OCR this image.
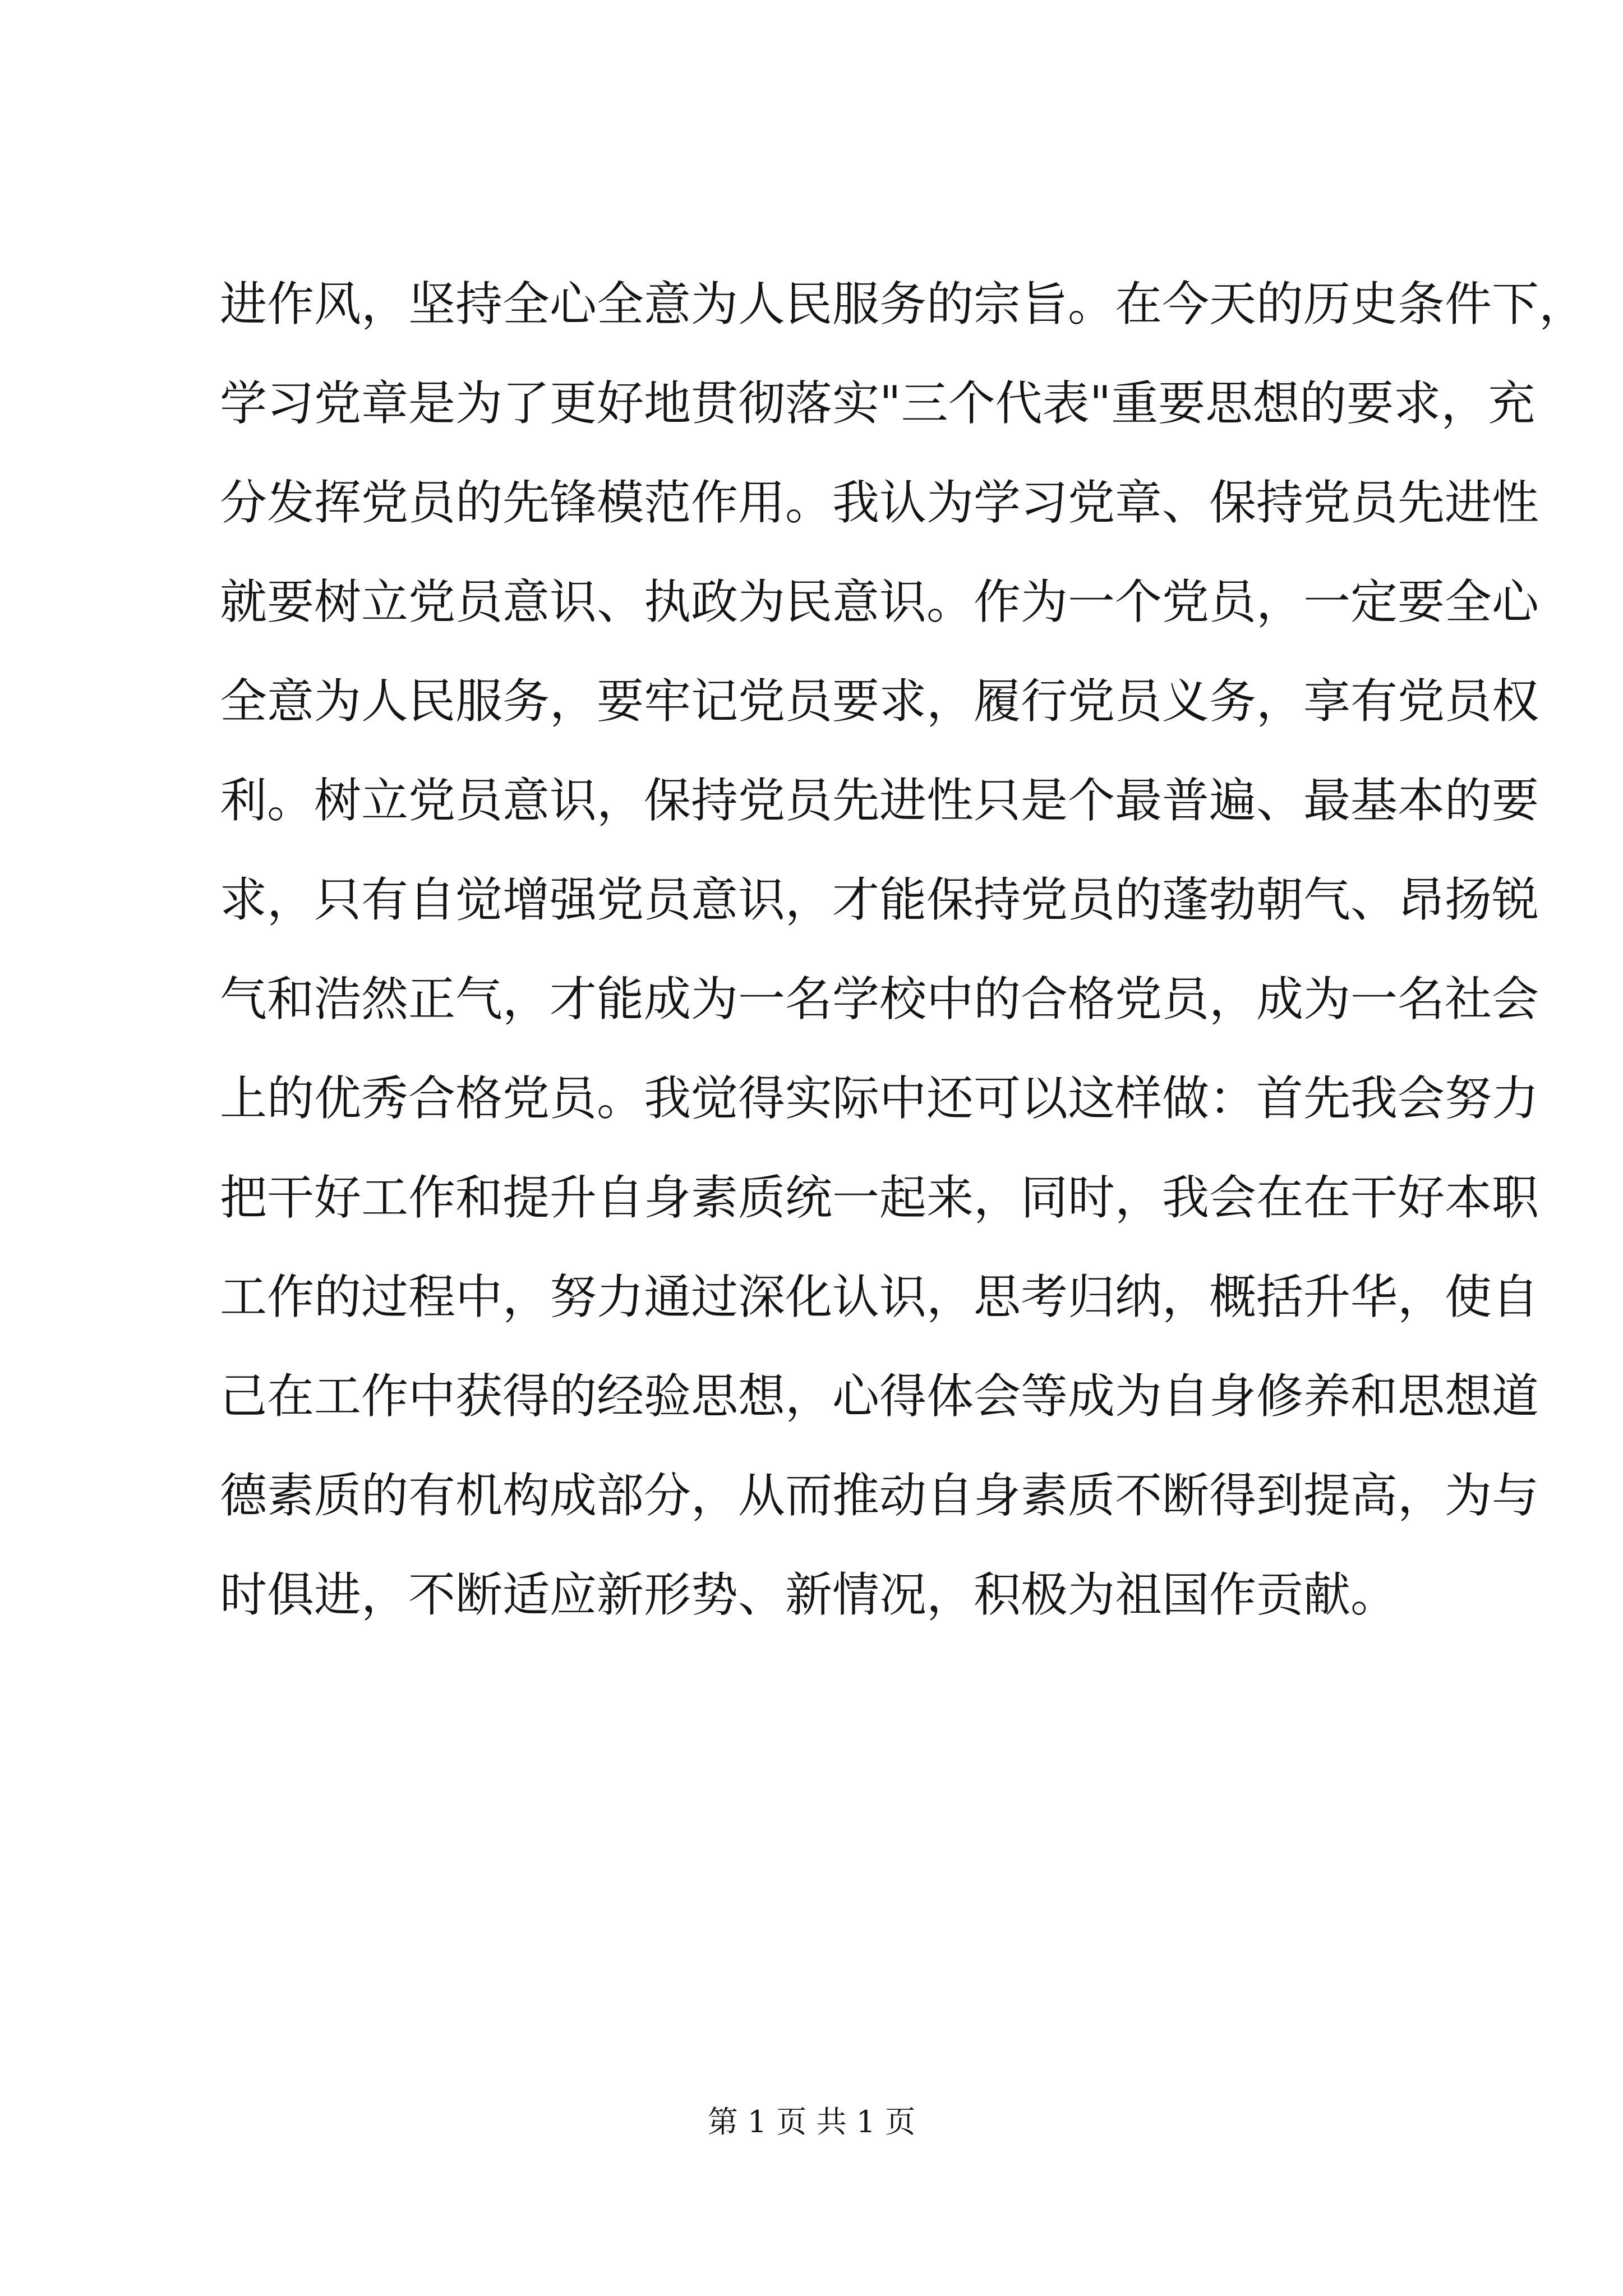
进作风，坚持全心全意为人民服务的宗旨。在今天的历史条件下，
学习党章是为了更好地贯彻落实"三个代表"重要思想的要求，充
分发挥党员的先锋模范作用。我认为学习党章、保持党员先进性
就要树立党员意识、执政为民意识。作为一个党员，一定要全心
全意为人民服务，要牢记党员要求，履行党员义务，享有党员权
利。树立党员意识，保持党员先进性只是个最普遍、最基本的要
求，只有自觉增强党员意识，才能保持党员的蓬勃朝气、昂扬锐
气和浩然正气，才能成为一名学校中的合格党员，成为一名社会
上的优秀合格党员。我觉得实际中还可以这样做：首先我会努力
把干好工作和提升自身素质统一起来，同时，我会在在干好本职
工作的过程中，努力通过深化认识，思考归纳，概括升华，使自
己在工作中获得的经验思想，心得体会等成为自身修养和思想道
德素质的有机构成部分，从而推动自身素质不断得到提高，为与
时俱进，不断适应新形势、新情况，积极为祖国作贡献。
第 1 页 共 1 页
